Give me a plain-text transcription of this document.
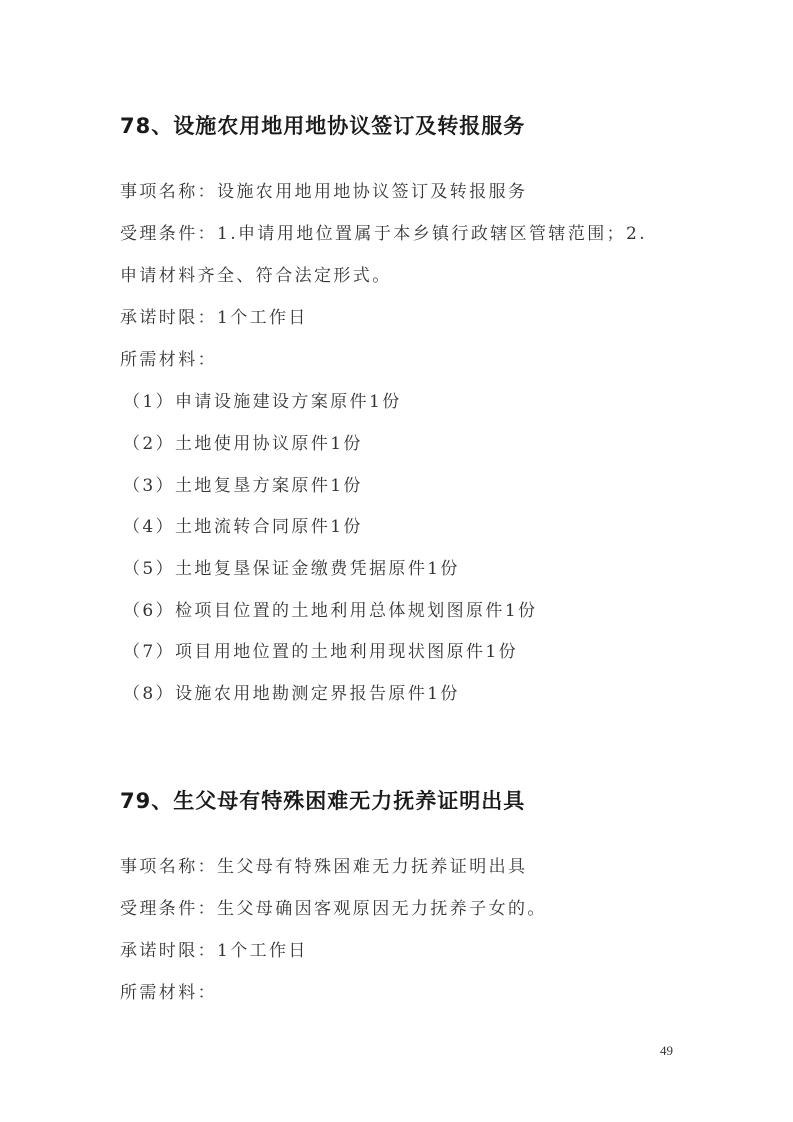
78、设施农用地用地协议签订及转报服务

事项名称：设施农用地用地协议签订及转报服务

受理条件：1.申请用地位置属于本乡镇行政辖区管辖范围；2.

申请材料齐全、符合法定形式。

承诺时限：1个工作日

所需材料：

（1）申请设施建设方案原件1份

（2）土地使用协议原件1份

（3）土地复垦方案原件1份

（4）土地流转合同原件1份

（5）土地复垦保证金缴费凭据原件1份

（6）检项目位置的土地利用总体规划图原件1份

（7）项目用地位置的土地利用现状图原件1份

（8）设施农用地勘测定界报告原件1份

79、生父母有特殊困难无力抚养证明出具

事项名称：生父母有特殊困难无力抚养证明出具

受理条件：生父母确因客观原因无力抚养子女的。

承诺时限：1个工作日

所需材料：

49
